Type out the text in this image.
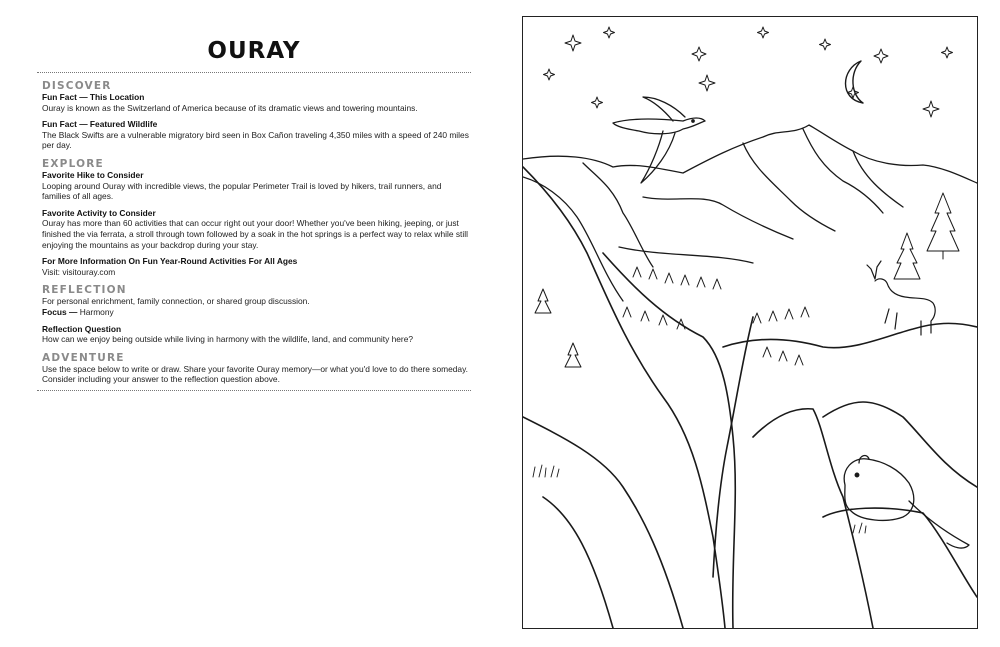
OURAY
DISCOVER
Fun Fact — This Location
Ouray is known as the Switzerland of America because of its dramatic views and towering mountains.
Fun Fact — Featured Wildlife
The Black Swifts are a vulnerable migratory bird seen in Box Cañon traveling 4,350 miles with a speed of 240 miles per day.
EXPLORE
Favorite Hike to Consider
Looping around Ouray with incredible views, the popular Perimeter Trail is loved by hikers, trail runners, and families of all ages.
Favorite Activity to Consider
Ouray has more than 60 activities that can occur right out your door! Whether you've been hiking, jeeping, or just finished the via ferrata, a stroll through town followed by a soak in the hot springs is a perfect way to relax while still enjoying the mountains as your backdrop during your stay.
For More Information On Fun Year-Round Activities For All Ages
Visit: visitouray.com
REFLECTION
For personal enrichment, family connection, or shared group discussion.
Focus — Harmony
Reflection Question
How can we enjoy being outside while living in harmony with the wildlife, land, and community here?
ADVENTURE
Use the space below to write or draw. Share your favorite Ouray memory—or what you'd love to do there someday. Consider including your answer to the reflection question above.
